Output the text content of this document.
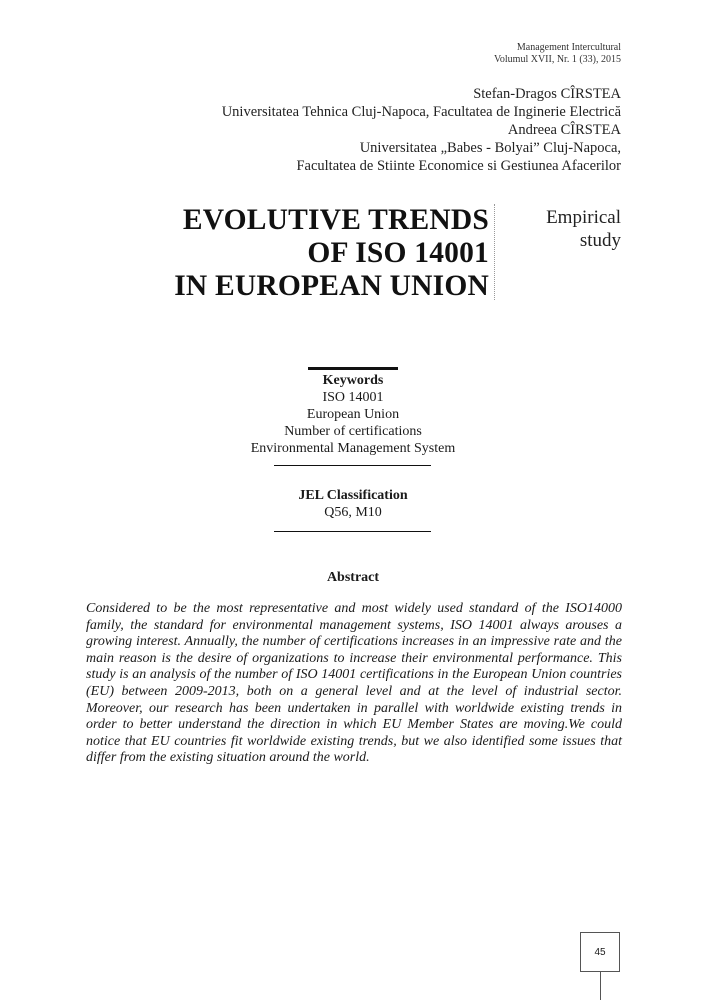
Management Intercultural
Volumul XVII, Nr. 1 (33), 2015
Stefan-Dragos CÎRSTEA
Universitatea Tehnica Cluj-Napoca, Facultatea de Inginerie Electrică
Andreea CÎRSTEA
Universitatea „Babes - Bolyai” Cluj-Napoca,
Facultatea de Stiinte Economice si Gestiunea Afacerilor
EVOLUTIVE TRENDS
OF ISO 14001
IN EUROPEAN UNION
Empirical
study
Keywords
ISO 14001
European Union
Number of certifications
Environmental Management System
JEL Classification
Q56, M10
Abstract
Considered to be the most representative and most widely used standard of the ISO14000 family, the standard for environmental management systems, ISO 14001 always arouses a growing interest. Annually, the number of certifications increases in an impressive rate and the main reason is the desire of organizations to increase their environmental performance. This study is an analysis of the number of ISO 14001 certifications in the European Union countries (EU) between 2009-2013, both on a general level and at the level of industrial sector. Moreover, our research has been undertaken in parallel with worldwide existing trends in order to better understand the direction in which EU Member States are moving.We could notice that EU countries fit worldwide existing trends, but we also identified some issues that differ from the existing situation around the world.
45
